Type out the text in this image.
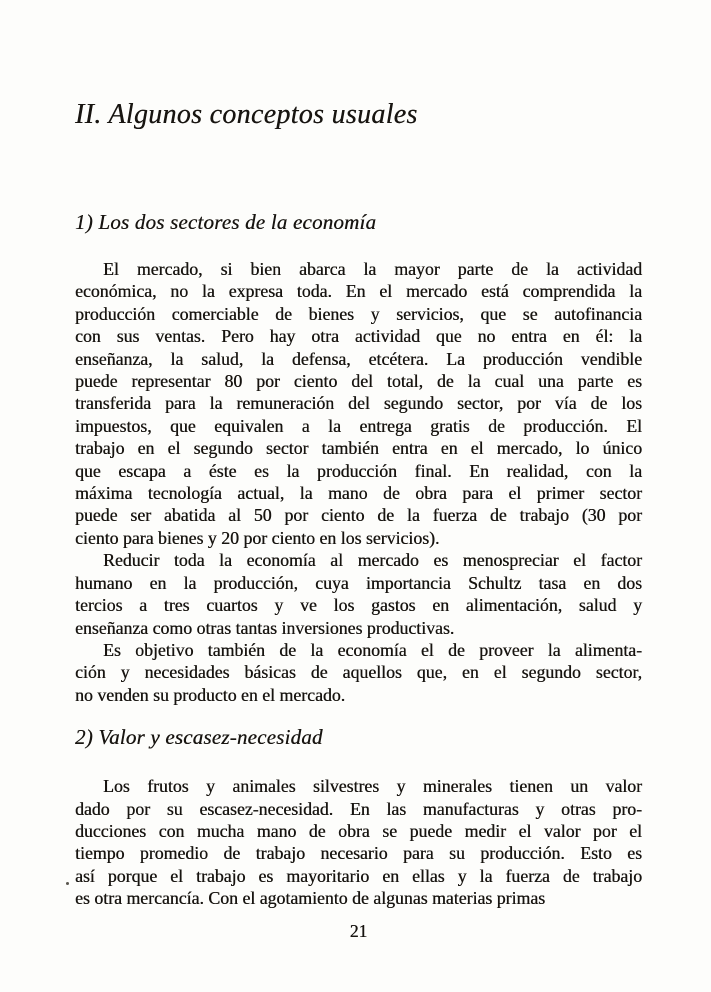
II. Algunos conceptos usuales
1) Los dos sectores de la economía
El mercado, si bien abarca la mayor parte de la actividad
económica, no la expresa toda. En el mercado está comprendida la
producción comerciable de bienes y servicios, que se autofinancia
con sus ventas. Pero hay otra actividad que no entra en él: la
enseñanza, la salud, la defensa, etcétera. La producción vendible
puede representar 80 por ciento del total, de la cual una parte es
transferida para la remuneración del segundo sector, por vía de los
impuestos, que equivalen a la entrega gratis de producción. El
trabajo en el segundo sector también entra en el mercado, lo único
que escapa a éste es la producción final. En realidad, con la
máxima tecnología actual, la mano de obra para el primer sector
puede ser abatida al 50 por ciento de la fuerza de trabajo (30 por
ciento para bienes y 20 por ciento en los servicios).
Reducir toda la economía al mercado es menospreciar el factor
humano en la producción, cuya importancia Schultz tasa en dos
tercios a tres cuartos y ve los gastos en alimentación, salud y
enseñanza como otras tantas inversiones productivas.
Es objetivo también de la economía el de proveer la alimenta-
ción y necesidades básicas de aquellos que, en el segundo sector,
no venden su producto en el mercado.
2) Valor y escasez-necesidad
Los frutos y animales silvestres y minerales tienen un valor
dado por su escasez-necesidad. En las manufacturas y otras pro-
ducciones con mucha mano de obra se puede medir el valor por el
tiempo promedio de trabajo necesario para su producción. Esto es
así porque el trabajo es mayoritario en ellas y la fuerza de trabajo
es otra mercancía. Con el agotamiento de algunas materias primas
21
